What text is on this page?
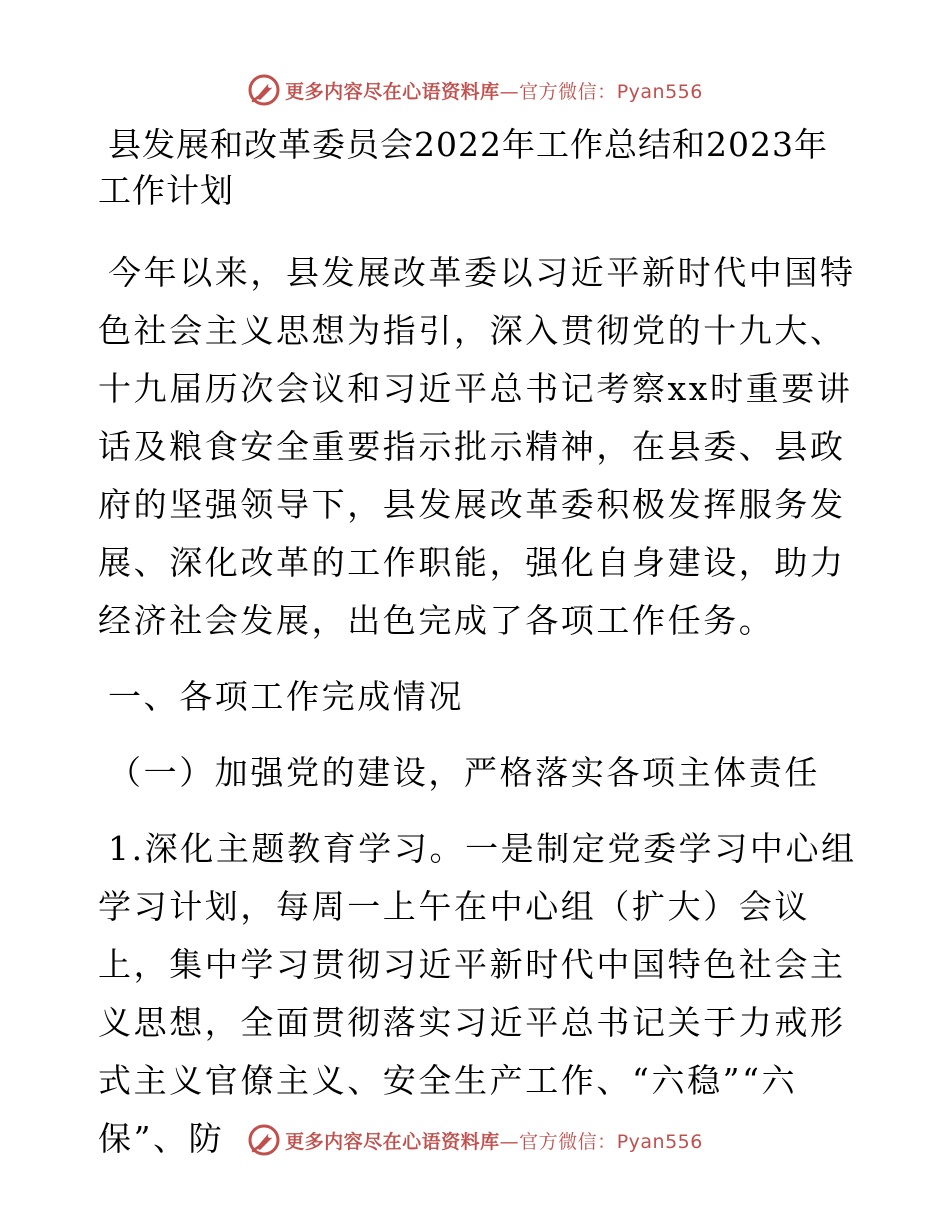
更多内容尽在心语资料库—官方微信：Pyan556
县发展和改革委员会2022年工作总结和2023年工作计划

今年以来，县发展改革委以习近平新时代中国特色社会主义思想为指引，深入贯彻党的十九大、十九届历次会议和习近平总书记考察xx时重要讲话及粮食安全重要指示批示精神，在县委、县政府的坚强领导下，县发展改革委积极发挥服务发展、深化改革的工作职能，强化自身建设，助力经济社会发展，出色完成了各项工作任务。

一、各项工作完成情况

（一）加强党的建设，严格落实各项主体责任

1.深化主题教育学习。一是制定党委学习中心组学习计划，每周一上午在中心组（扩大）会议上，集中学习贯彻习近平新时代中国特色社会主义思想，全面贯彻落实习近平总书记关于力戒形式主义官僚主义、安全生产工作、“六稳”“六保”、防	更多内容尽在心语资料库—官方微信：Pyan556
